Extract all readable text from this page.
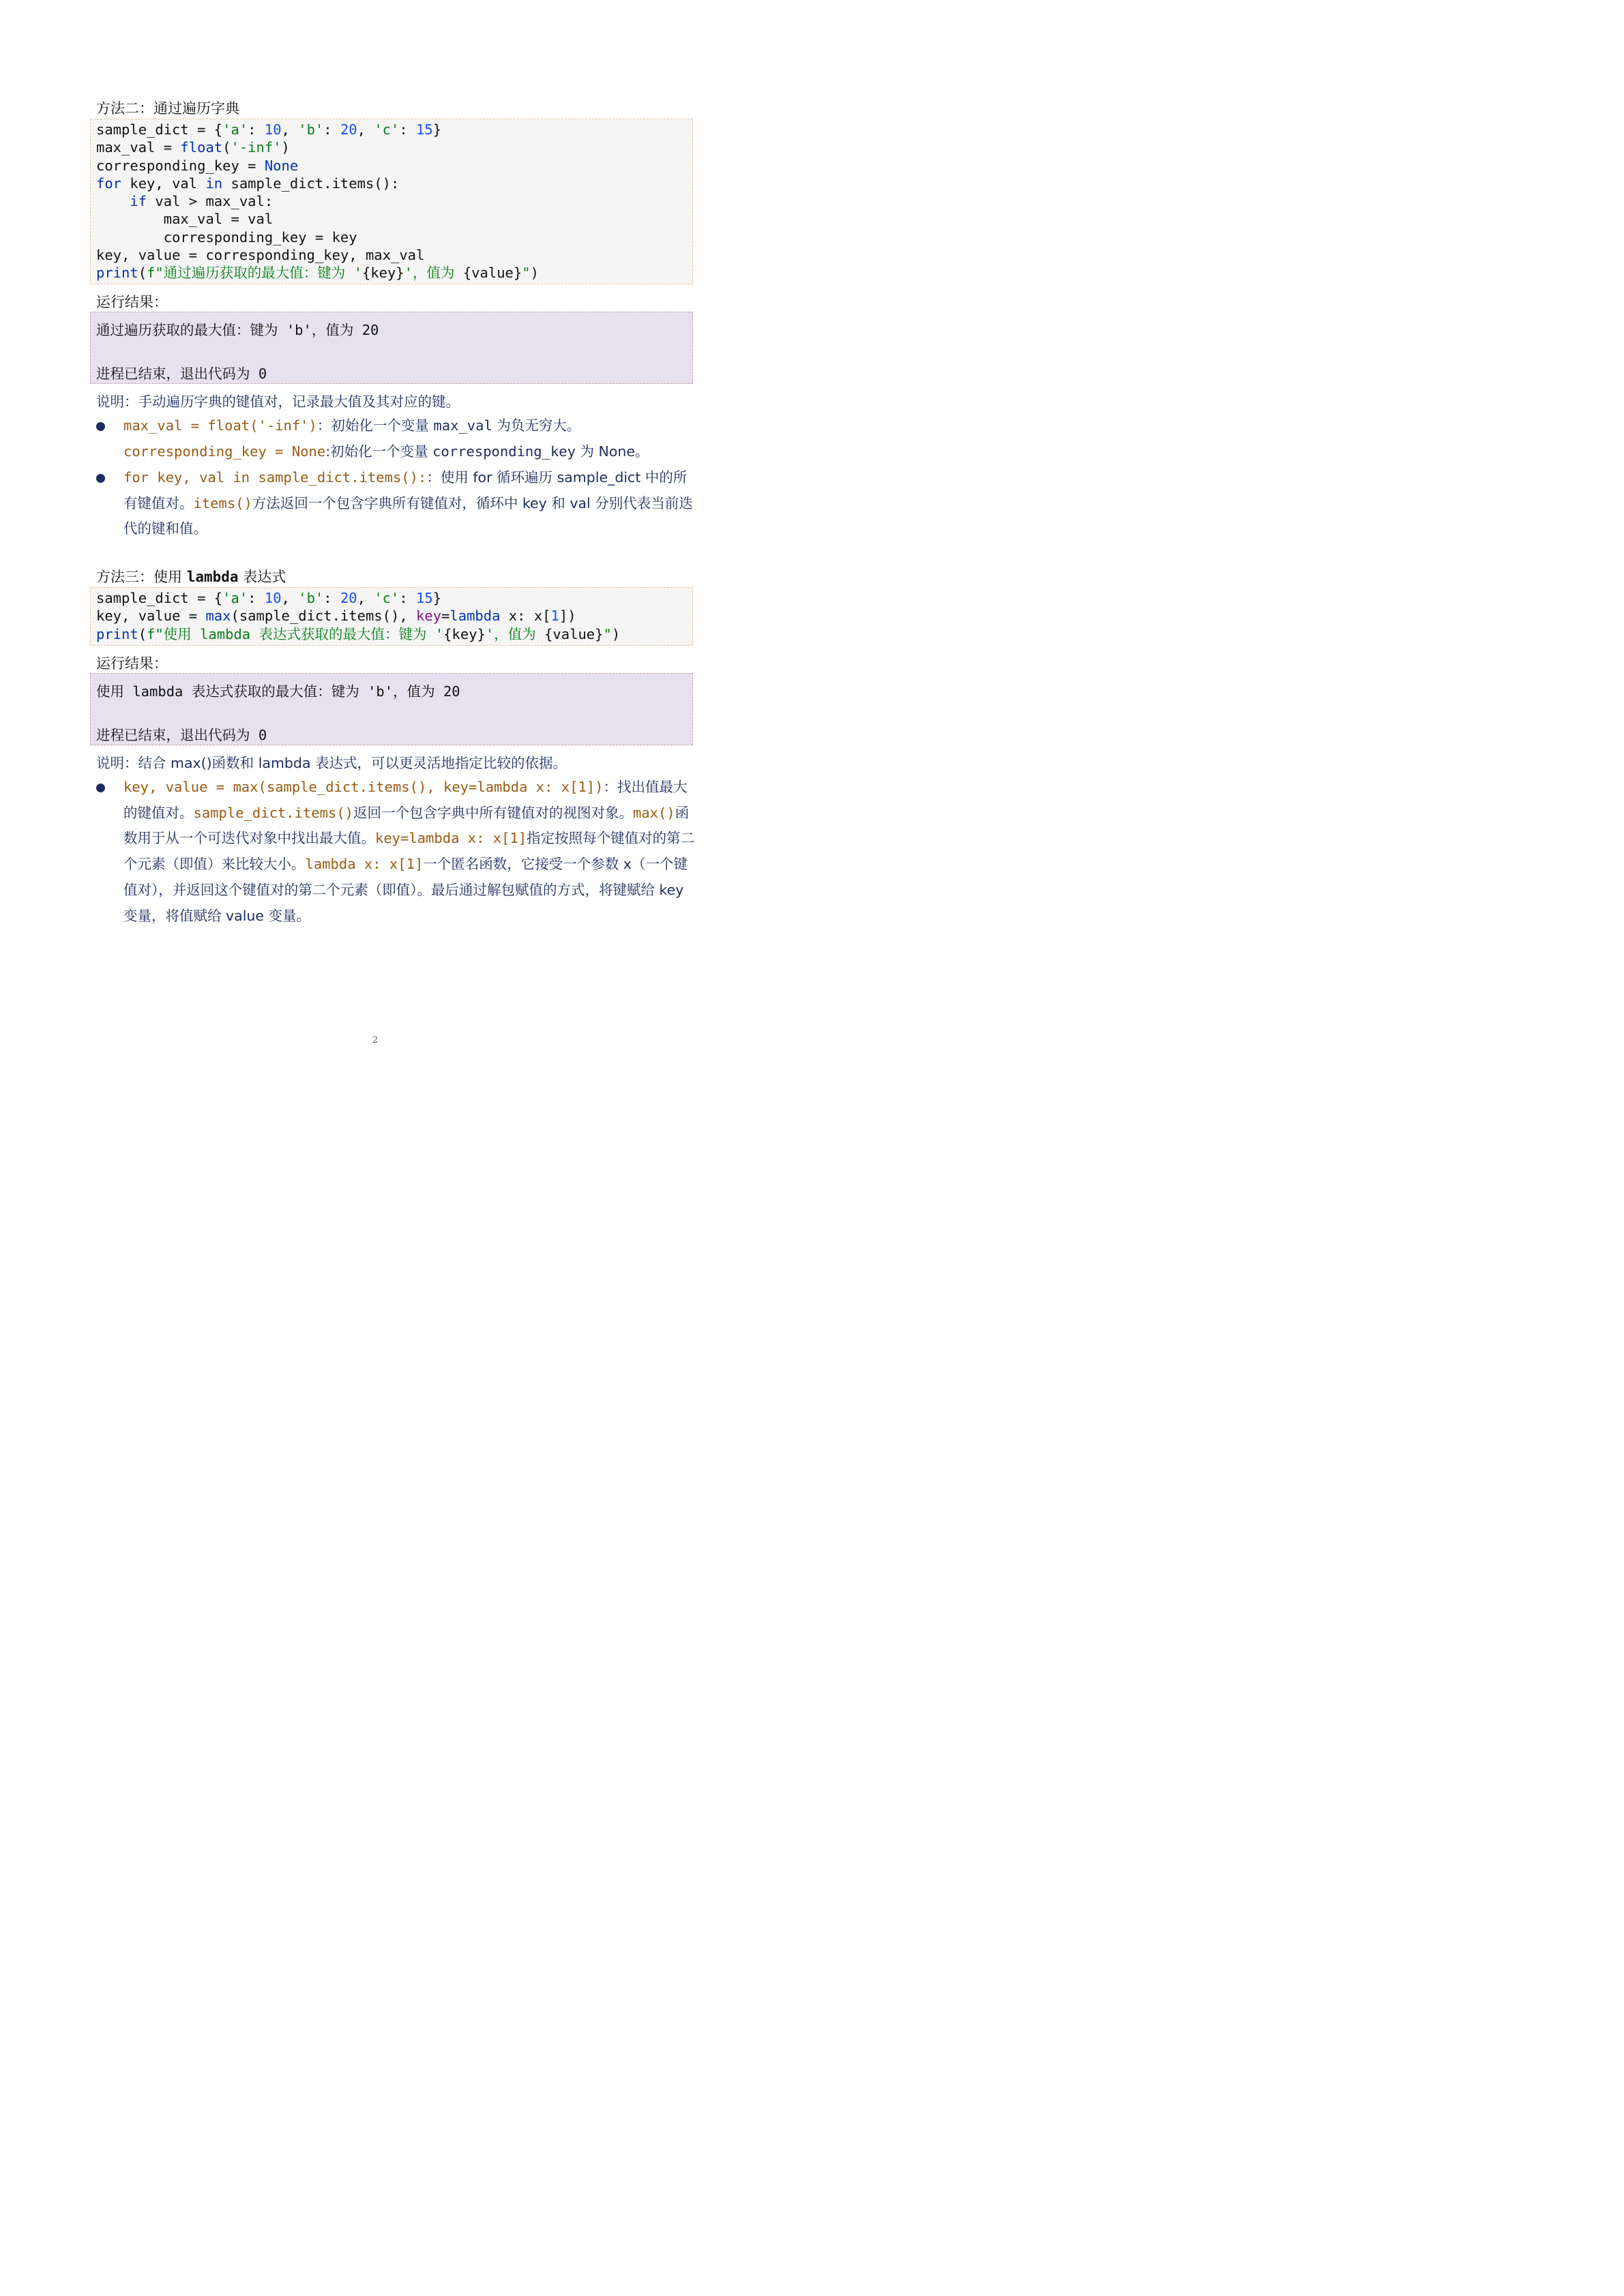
方法二：通过遍历字典
sample_dict = {'a': 10, 'b': 20, 'c': 15}
max_val = float('-inf')
corresponding_key = None
for key, val in sample_dict.items():
if val > max_val:
max_val = val
corresponding_key = key
key, value = corresponding_key, max_val
print(f"通过遍历获取的最大值：键为 '{key}'，值为 {value}")
运行结果：
通过遍历获取的最大值：键为 'b'，值为 20
进程已结束，退出代码为 0
说明：手动遍历字典的键值对，记录最大值及其对应的键。
max_val = float('-inf')：初始化一个变量 max_val 为负无穷大。
corresponding_key = None:初始化一个变量 corresponding_key 为 None。
for key, val in sample_dict.items():：使用 for 循环遍历 sample_dict 中的所有键值对。items()方法返回一个包含字典所有键值对，循环中 key 和 val 分别代表当前迭代的键和值。
方法三：使用 lambda 表达式
sample_dict = {'a': 10, 'b': 20, 'c': 15}
key, value = max(sample_dict.items(), key=lambda x: x[1])
print(f"使用 lambda 表达式获取的最大值：键为 '{key}'，值为 {value}")
运行结果：
使用 lambda 表达式获取的最大值：键为 'b'，值为 20
进程已结束，退出代码为 0
说明：结合 max()函数和 lambda 表达式，可以更灵活地指定比较的依据。
key, value = max(sample_dict.items(), key=lambda x: x[1])：找出值最大的键值对。sample_dict.items()返回一个包含字典中所有键值对的视图对象。max()函数用于从一个可迭代对象中找出最大值。key=lambda x: x[1]指定按照每个键值对的第二个元素（即值）来比较大小。lambda x: x[1]一个匿名函数，它接受一个参数 x（一个键值对），并返回这个键值对的第二个元素（即值）。最后通过解包赋值的方式，将键赋给 key 变量，将值赋给 value 变量。
2
